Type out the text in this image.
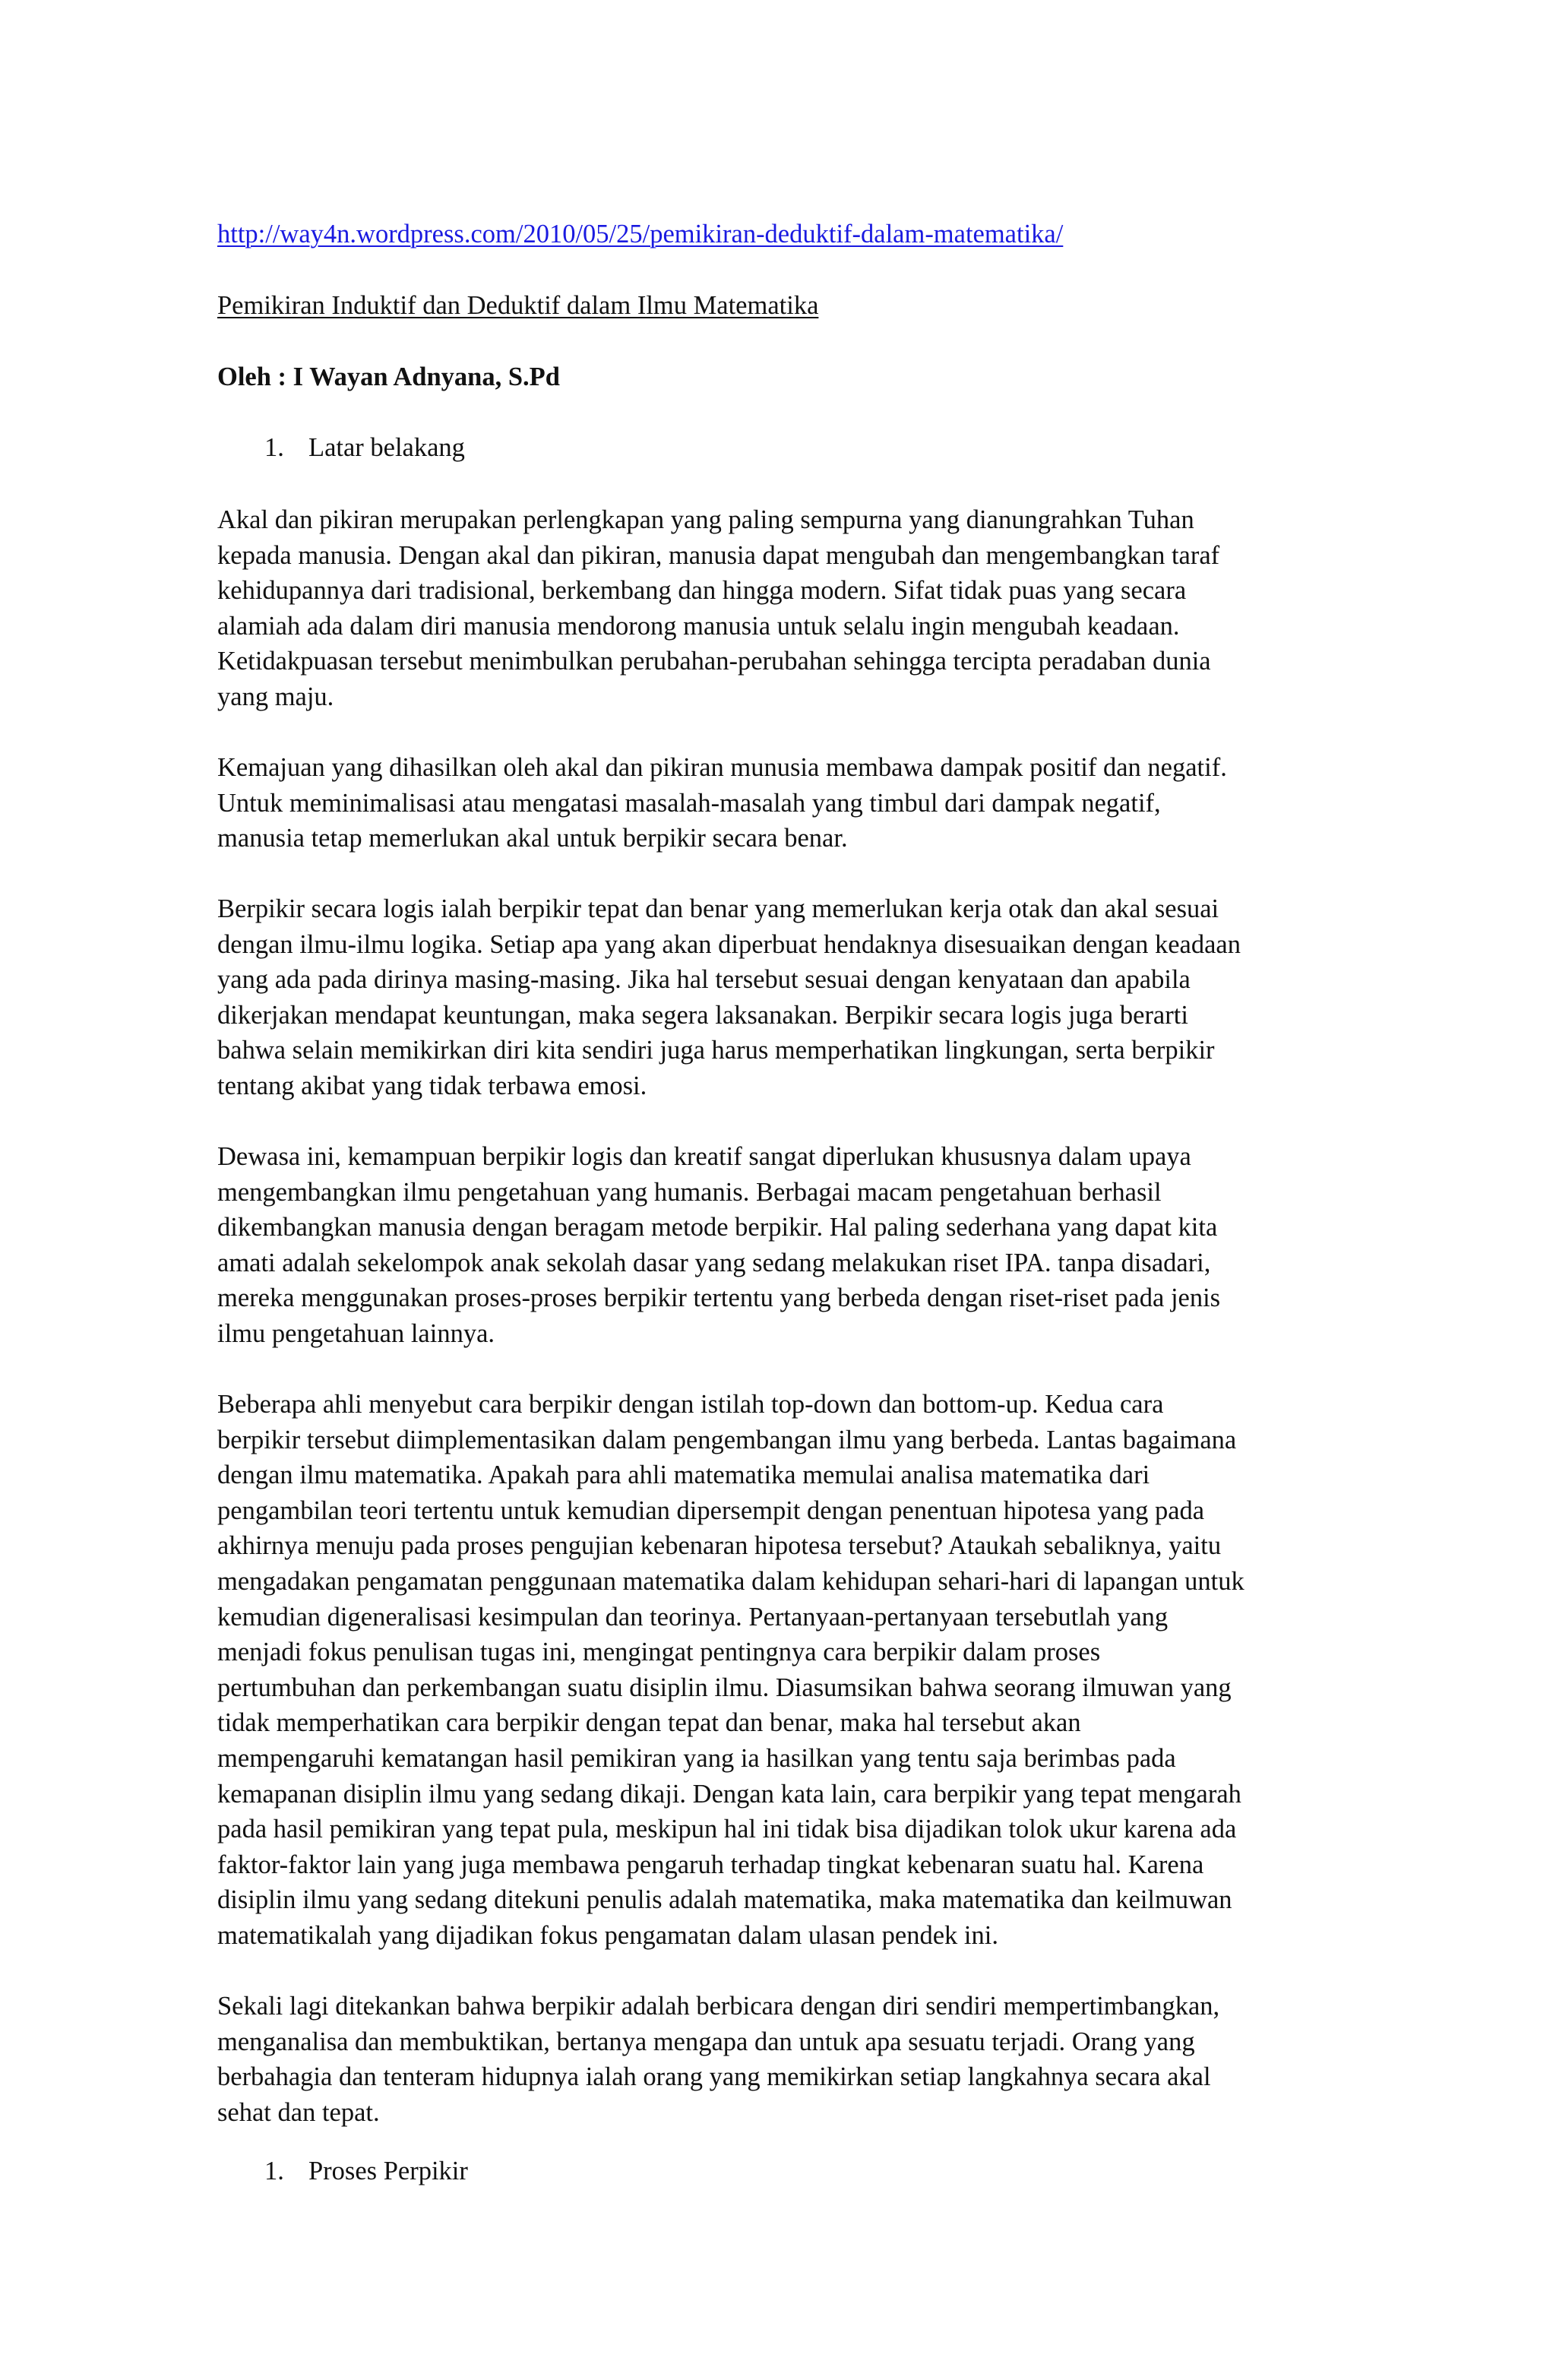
http://way4n.wordpress.com/2010/05/25/pemikiran-deduktif-dalam-matematika/
Pemikiran Induktif dan Deduktif dalam Ilmu Matematika
Oleh : I Wayan Adnyana, S.Pd
1. Latar belakang
Akal dan pikiran merupakan perlengkapan yang paling sempurna yang dianungrahkan Tuhan
kepada manusia. Dengan akal dan pikiran, manusia dapat mengubah dan mengembangkan taraf
kehidupannya dari tradisional, berkembang dan hingga modern. Sifat tidak puas yang secara
alamiah ada dalam diri manusia mendorong manusia untuk selalu ingin mengubah keadaan.
Ketidakpuasan tersebut menimbulkan perubahan-perubahan sehingga tercipta peradaban dunia
yang maju.
Kemajuan yang dihasilkan oleh akal dan pikiran munusia membawa dampak positif dan negatif.
Untuk meminimalisasi atau mengatasi masalah-masalah yang timbul dari dampak negatif,
manusia tetap memerlukan akal untuk berpikir secara benar.
Berpikir secara logis ialah berpikir tepat dan benar yang memerlukan kerja otak dan akal sesuai
dengan ilmu-ilmu logika. Setiap apa yang akan diperbuat hendaknya disesuaikan dengan keadaan
yang ada pada dirinya masing-masing. Jika hal tersebut sesuai dengan kenyataan dan apabila
dikerjakan mendapat keuntungan, maka segera laksanakan. Berpikir secara logis juga berarti
bahwa selain memikirkan diri kita sendiri juga harus memperhatikan lingkungan, serta berpikir
tentang akibat yang tidak terbawa emosi.
Dewasa ini, kemampuan berpikir logis dan kreatif sangat diperlukan khususnya dalam upaya
mengembangkan ilmu pengetahuan yang humanis. Berbagai macam pengetahuan berhasil
dikembangkan manusia dengan beragam metode berpikir. Hal paling sederhana yang dapat kita
amati adalah sekelompok anak sekolah dasar yang sedang melakukan riset IPA. tanpa disadari,
mereka menggunakan proses-proses berpikir tertentu yang berbeda dengan riset-riset pada jenis
ilmu pengetahuan lainnya.
Beberapa ahli menyebut cara berpikir dengan istilah top-down dan bottom-up. Kedua cara
berpikir tersebut diimplementasikan dalam pengembangan ilmu yang berbeda. Lantas bagaimana
dengan ilmu matematika. Apakah para ahli matematika memulai analisa matematika dari
pengambilan teori tertentu untuk kemudian dipersempit dengan penentuan hipotesa yang pada
akhirnya menuju pada proses pengujian kebenaran hipotesa tersebut? Ataukah sebaliknya, yaitu
mengadakan pengamatan penggunaan matematika dalam kehidupan sehari-hari di lapangan untuk
kemudian digeneralisasi kesimpulan dan teorinya. Pertanyaan-pertanyaan tersebutlah yang
menjadi fokus penulisan tugas ini, mengingat pentingnya cara berpikir dalam proses
pertumbuhan dan perkembangan suatu disiplin ilmu. Diasumsikan bahwa seorang ilmuwan yang
tidak memperhatikan cara berpikir dengan tepat dan benar, maka hal tersebut akan
mempengaruhi kematangan hasil pemikiran yang ia hasilkan yang tentu saja berimbas pada
kemapanan disiplin ilmu yang sedang dikaji. Dengan kata lain, cara berpikir yang tepat mengarah
pada hasil pemikiran yang tepat pula, meskipun hal ini tidak bisa dijadikan tolok ukur karena ada
faktor-faktor lain yang juga membawa pengaruh terhadap tingkat kebenaran suatu hal. Karena
disiplin ilmu yang sedang ditekuni penulis adalah matematika, maka matematika dan keilmuwan
matematikalah yang dijadikan fokus pengamatan dalam ulasan pendek ini.
Sekali lagi ditekankan bahwa berpikir adalah berbicara dengan diri sendiri mempertimbangkan,
menganalisa dan membuktikan, bertanya mengapa dan untuk apa sesuatu terjadi. Orang yang
berbahagia dan tenteram hidupnya ialah orang yang memikirkan setiap langkahnya secara akal
sehat dan tepat.
1. Proses Perpikir
